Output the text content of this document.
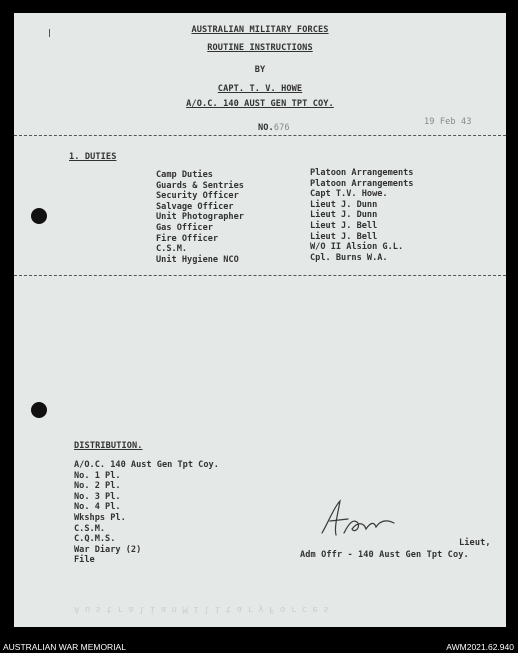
AUSTRALIAN MILITARY FORCES
ROUTINE INSTRUCTIONS
BY
CAPT. T. V. HOWE
A/O.C. 140 AUST GEN TPT COY.
NO.676
19 Feb 43
1. DUTIES
Camp Duties
Guards & Sentries
Security Officer
Salvage Officer
Unit Photographer
Gas Officer
Fire Officer
C.S.M.
Unit Hygiene NCO
Platoon Arrangements
Platoon Arrangements
Capt T.V. Howe.
Lieut J. Dunn
Lieut J. Dunn
Lieut J. Bell
Lieut J. Bell
W/O II Alsion G.L.
Cpl. Burns W.A.
DISTRIBUTION.
A/O.C. 140 Aust Gen Tpt Coy.
No. 1 Pl.
No. 2 Pl.
No. 3 Pl.
No. 4 Pl.
Wkshps Pl.
C.S.M.
C.Q.M.S.
War Diary (2)
File
Lieut,
Adm Offr - 140 Aust Gen Tpt Coy.
A u s t r a l i a n M i l i t a r y F o r c e s
AUSTRALIAN WAR MEMORIAL	AWM2021.62.940
